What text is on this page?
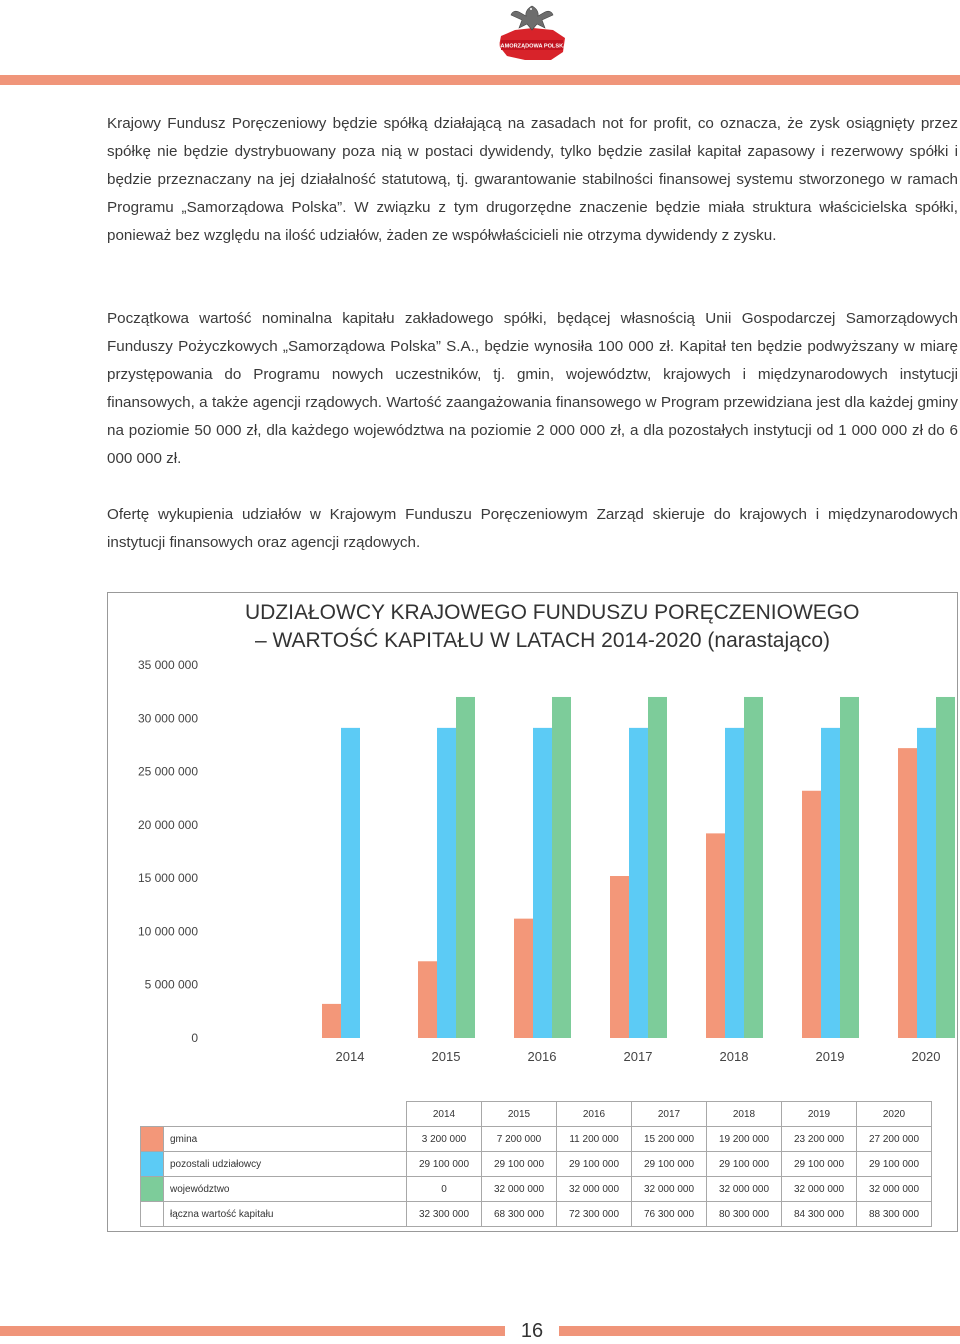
SAMORZĄDOWA POLSKA

Krajowy Fundusz Poręczeniowy będzie spółką działającą na zasadach not for profit, co oznacza, że zysk osiągnięty przez spółkę nie będzie dystrybuowany poza nią w postaci dywidendy, tylko będzie zasilał kapitał zapasowy i rezerwowy spółki i będzie przeznaczany na jej działalność statutową, tj. gwarantowanie stabilności finansowej systemu stworzonego w ramach Programu „Samorządowa Polska”. W związku z tym drugorzędne znaczenie będzie miała struktura właścicielska spółki, ponieważ bez względu na ilość udziałów, żaden ze współwłaścicieli nie otrzyma dywidendy z zysku.

Początkowa wartość nominalna kapitału zakładowego spółki, będącej własnością Unii Gospodarczej Samorządowych Funduszy Pożyczkowych „Samorządowa Polska” S.A., będzie wynosiła 100 000 zł. Kapitał ten będzie podwyższany w miarę przystępowania do Programu nowych uczestników, tj. gmin, województw, krajowych i międzynarodowych instytucji finansowych, a także agencji rządowych. Wartość zaangażowania finansowego w Program przewidziana jest dla każdej gminy na poziomie 50 000 zł, dla każdego województwa na poziomie 2 000 000 zł, a dla pozostałych instytucji od 1 000 000 zł do 6 000 000 zł.

Ofertę wykupienia udziałów w Krajowym Funduszu Poręczeniowym Zarząd skieruje do krajowych i międzynarodowych instytucji finansowych oraz agencji rządowych.

UDZIAŁOWCY KRAJOWEGO FUNDUSZU PORĘCZENIOWEGO
– WARTOŚĆ KAPITAŁU W LATACH 2014-2020 (narastająco)
0
5 000 000
10 000 000
15 000 000
20 000 000
25 000 000
30 000 000
35 000 000
2014	2015	2016	2017	2018	2019	2020
		2014	2015	2016	2017	2018	2019	2020
	gmina	3 200 000	7 200 000	11 200 000	15 200 000	19 200 000	23 200 000	27 200 000
	pozostali udziałowcy	29 100 000	29 100 000	29 100 000	29 100 000	29 100 000	29 100 000	29 100 000
	województwo	0	32 000 000	32 000 000	32 000 000	32 000 000	32 000 000	32 000 000
	łączna wartość kapitału	32 300 000	68 300 000	72 300 000	76 300 000	80 300 000	84 300 000	88 300 000
16
